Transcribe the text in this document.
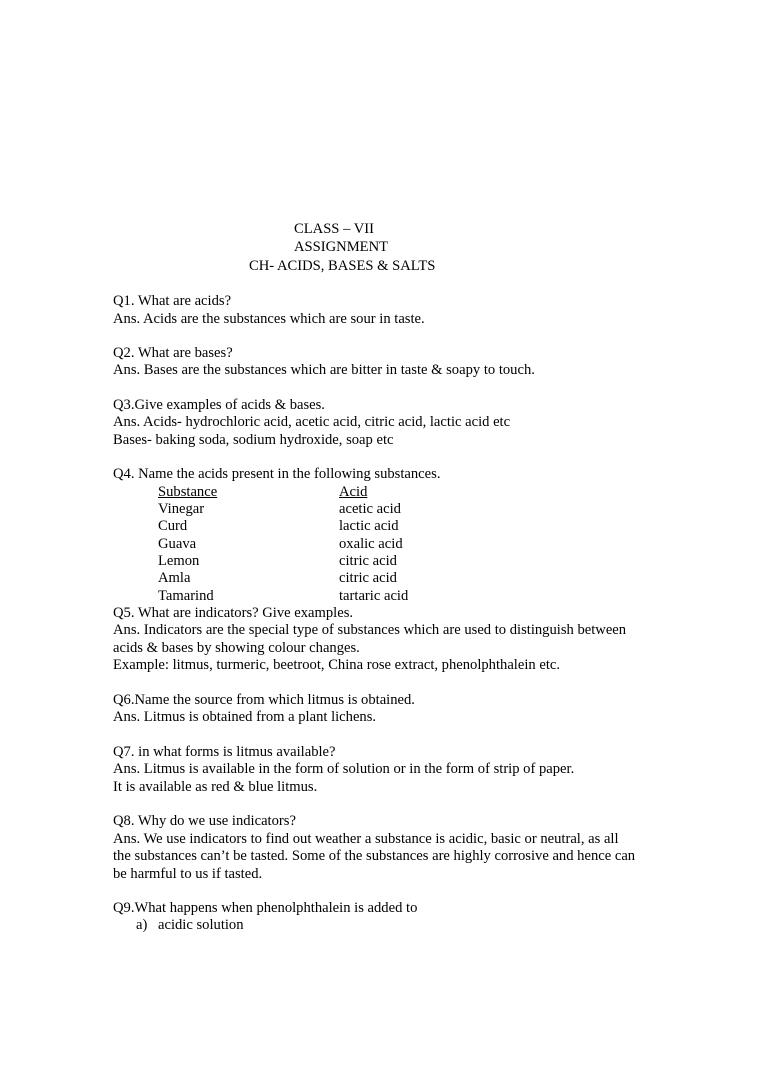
CLASS – VII
ASSIGNMENT
CH- ACIDS, BASES & SALTS
Q1. What are acids?
Ans. Acids are the substances which are sour in taste.
Q2. What are bases?
Ans. Bases are the substances which are bitter in taste & soapy to touch.
Q3.Give examples of acids & bases.
Ans. Acids- hydrochloric acid, acetic acid, citric acid, lactic acid etc
Bases- baking soda, sodium hydroxide, soap etc
Q4. Name the acids present in the following substances.
Substance	Acid
Vinegar	acetic acid
Curd	lactic acid
Guava	oxalic acid
Lemon	citric acid
Amla	citric acid
Tamarind	tartaric acid
Q5. What are indicators? Give examples.
Ans. Indicators are the special type of substances which are used to distinguish between
acids & bases by showing colour changes.
Example: litmus, turmeric, beetroot, China rose extract, phenolphthalein etc.
Q6.Name the source from which litmus is obtained.
Ans. Litmus is obtained from a plant lichens.
Q7. in what forms is litmus available?
Ans. Litmus is available in the form of solution or in the form of strip of paper.
It is available as red & blue litmus.
Q8. Why do we use indicators?
Ans. We use indicators to find out weather a substance is acidic, basic or neutral, as all
the substances can’t be tasted. Some of the substances are highly corrosive and hence can
be harmful to us if tasted.
Q9.What happens when phenolphthalein is added to
a) acidic solution
